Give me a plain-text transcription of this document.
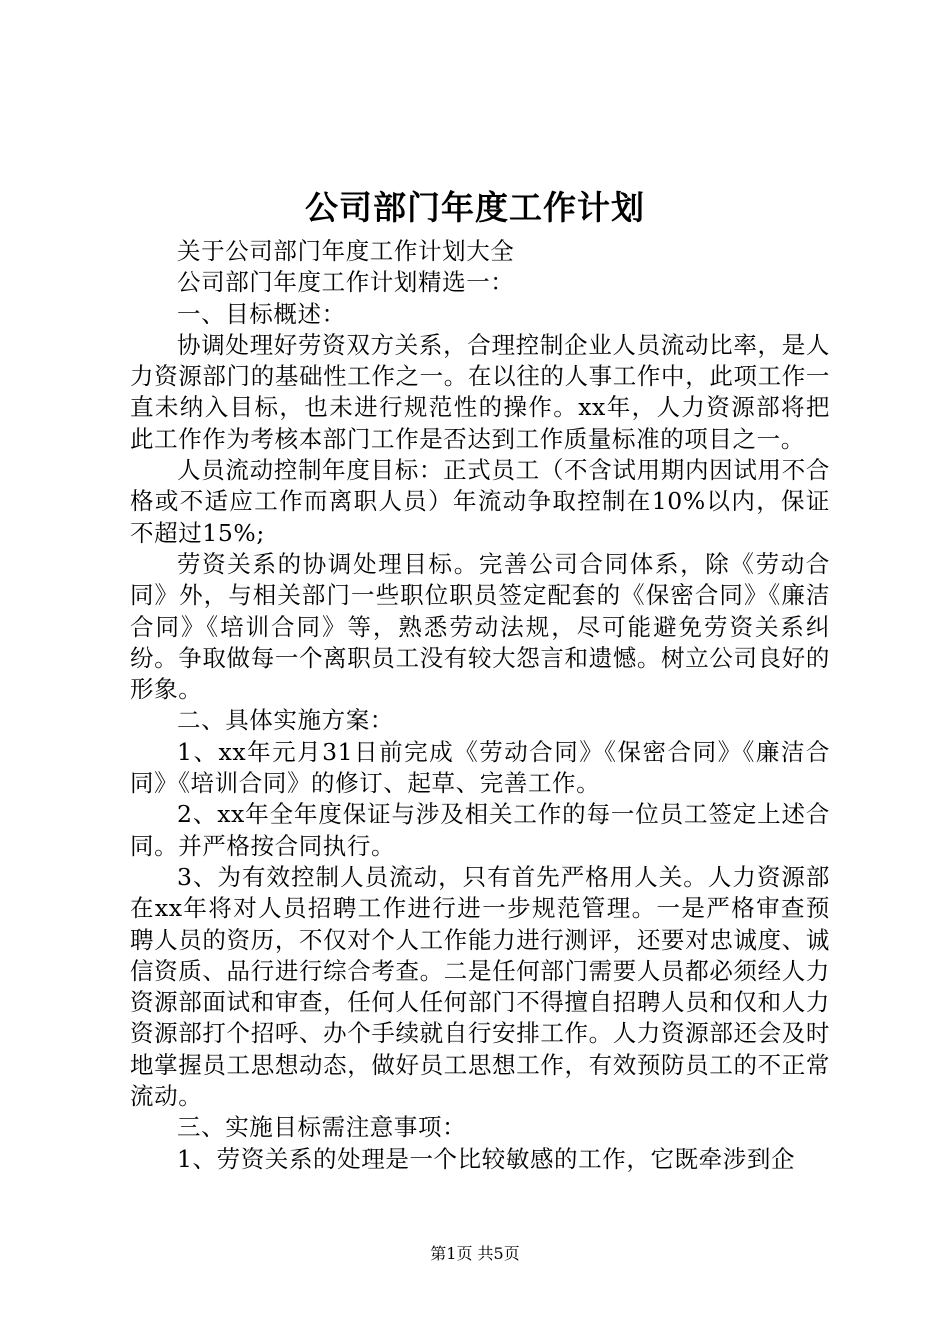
公司部门年度工作计划

关于公司部门年度工作计划大全

公司部门年度工作计划精选一：

一、目标概述：

协调处理好劳资双方关系，合理控制企业人员流动比率，是人力资源部门的基础性工作之一。在以往的人事工作中，此项工作一直未纳入目标，也未进行规范性的操作。xx年，人力资源部将把此工作作为考核本部门工作是否达到工作质量标准的项目之一。

人员流动控制年度目标：正式员工（不含试用期内因试用不合格或不适应工作而离职人员）年流动争取控制在10%以内，保证不超过15%;

劳资关系的协调处理目标。完善公司合同体系，除《劳动合同》外，与相关部门一些职位职员签定配套的《保密合同》《廉洁合同》《培训合同》等，熟悉劳动法规，尽可能避免劳资关系纠纷。争取做每一个离职员工没有较大怨言和遗憾。树立公司良好的形象。

二、具体实施方案：

1、xx年元月31日前完成《劳动合同》《保密合同》《廉洁合同》《培训合同》的修订、起草、完善工作。

2、xx年全年度保证与涉及相关工作的每一位员工签定上述合同。并严格按合同执行。

3、为有效控制人员流动，只有首先严格用人关。人力资源部在xx年将对人员招聘工作进行进一步规范管理。一是严格审查预聘人员的资历，不仅对个人工作能力进行测评，还要对忠诚度、诚信资质、品行进行综合考查。二是任何部门需要人员都必须经人力资源部面试和审查，任何人任何部门不得擅自招聘人员和仅和人力资源部打个招呼、办个手续就自行安排工作。人力资源部还会及时地掌握员工思想动态，做好员工思想工作，有效预防员工的不正常流动。

三、实施目标需注意事项：

1、劳资关系的处理是一个比较敏感的工作，它既牵涉到企

第1页 共5页
